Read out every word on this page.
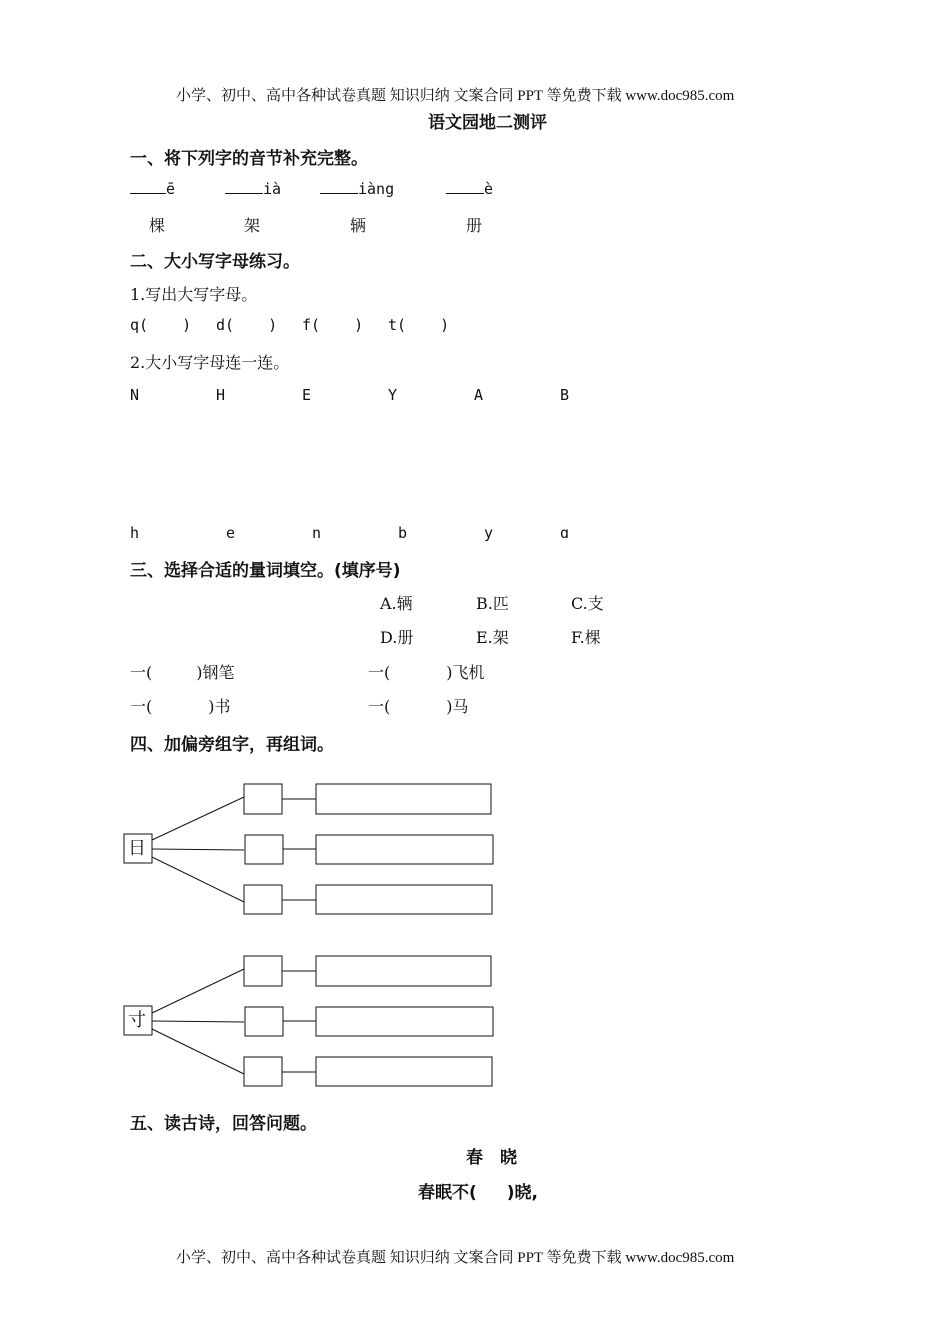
小学、初中、高中各种试卷真题 知识归纳 文案合同 PPT 等免费下载 www.doc985.com
语文园地二测评
一、将下列字的音节补充完整。
ē	ià	iàng	è
棵	架	辆	册
二、大小写字母练习。
1.写出大写字母。
q( ) d( ) f( ) t( )
2.大小写字母连一连。
N	H	E	Y	A	B
h	e	n	b	y	ɑ
三、选择合适的量词填空。(填序号)
A.辆	B.匹	C.支
D.册	E.架	F.棵
一(	)钢笔	一(	)飞机
一(	)书	一(	)马
四、加偏旁组字，再组词。
日
寸
五、读古诗，回答问题。
春　晓
春眠不( )晓,
小学、初中、高中各种试卷真题 知识归纳 文案合同 PPT 等免费下载 www.doc985.com
